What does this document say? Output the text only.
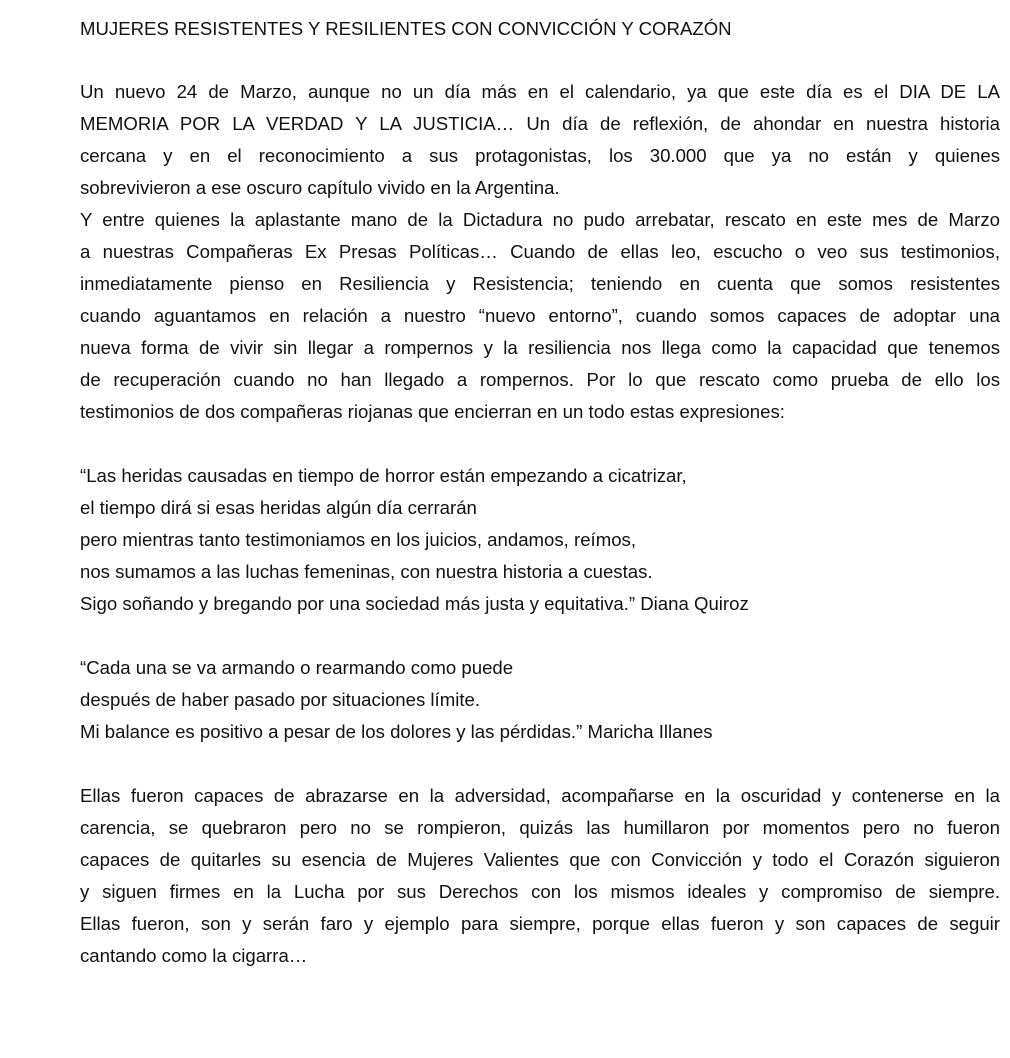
MUJERES RESISTENTES Y RESILIENTES CON CONVICCIÓN Y CORAZÓN
Un nuevo 24 de Marzo, aunque no un día más en el calendario, ya que este día es el DIA DE LA
MEMORIA POR LA VERDAD Y LA JUSTICIA… Un día de reflexión, de ahondar en nuestra historia
cercana y en el reconocimiento a sus protagonistas, los 30.000 que ya no están y quienes
sobrevivieron a ese oscuro capítulo vivido en la Argentina.
Y entre quienes la aplastante mano de la Dictadura no pudo arrebatar, rescato en este mes de Marzo
a nuestras Compañeras Ex Presas Políticas… Cuando de ellas leo, escucho o veo sus testimonios,
inmediatamente pienso en Resiliencia y Resistencia; teniendo en cuenta que somos resistentes
cuando aguantamos en relación a nuestro “nuevo entorno”, cuando somos capaces de adoptar una
nueva forma de vivir sin llegar a rompernos y la resiliencia nos llega como la capacidad que tenemos
de recuperación cuando no han llegado a rompernos. Por lo que rescato como prueba de ello los
testimonios de dos compañeras riojanas que encierran en un todo estas expresiones:
“Las heridas causadas en tiempo de horror están empezando a cicatrizar,
el tiempo dirá si esas heridas algún día cerrarán
pero mientras tanto testimoniamos en los juicios, andamos, reímos,
nos sumamos a las luchas femeninas, con nuestra historia a cuestas.
Sigo soñando y bregando por una sociedad más justa y equitativa.” Diana Quiroz
“Cada una se va armando o rearmando como puede
después de haber pasado por situaciones límite.
Mi balance es positivo a pesar de los dolores y las pérdidas.” Maricha Illanes
Ellas fueron capaces de abrazarse en la adversidad, acompañarse en la oscuridad y contenerse en la
carencia, se quebraron pero no se rompieron, quizás las humillaron por momentos pero no fueron
capaces de quitarles su esencia de Mujeres Valientes que con Convicción y todo el Corazón siguieron
y siguen firmes en la Lucha por sus Derechos con los mismos ideales y compromiso de siempre.
Ellas fueron, son y serán faro y ejemplo para siempre, porque ellas fueron y son capaces de seguir
cantando como la cigarra…
